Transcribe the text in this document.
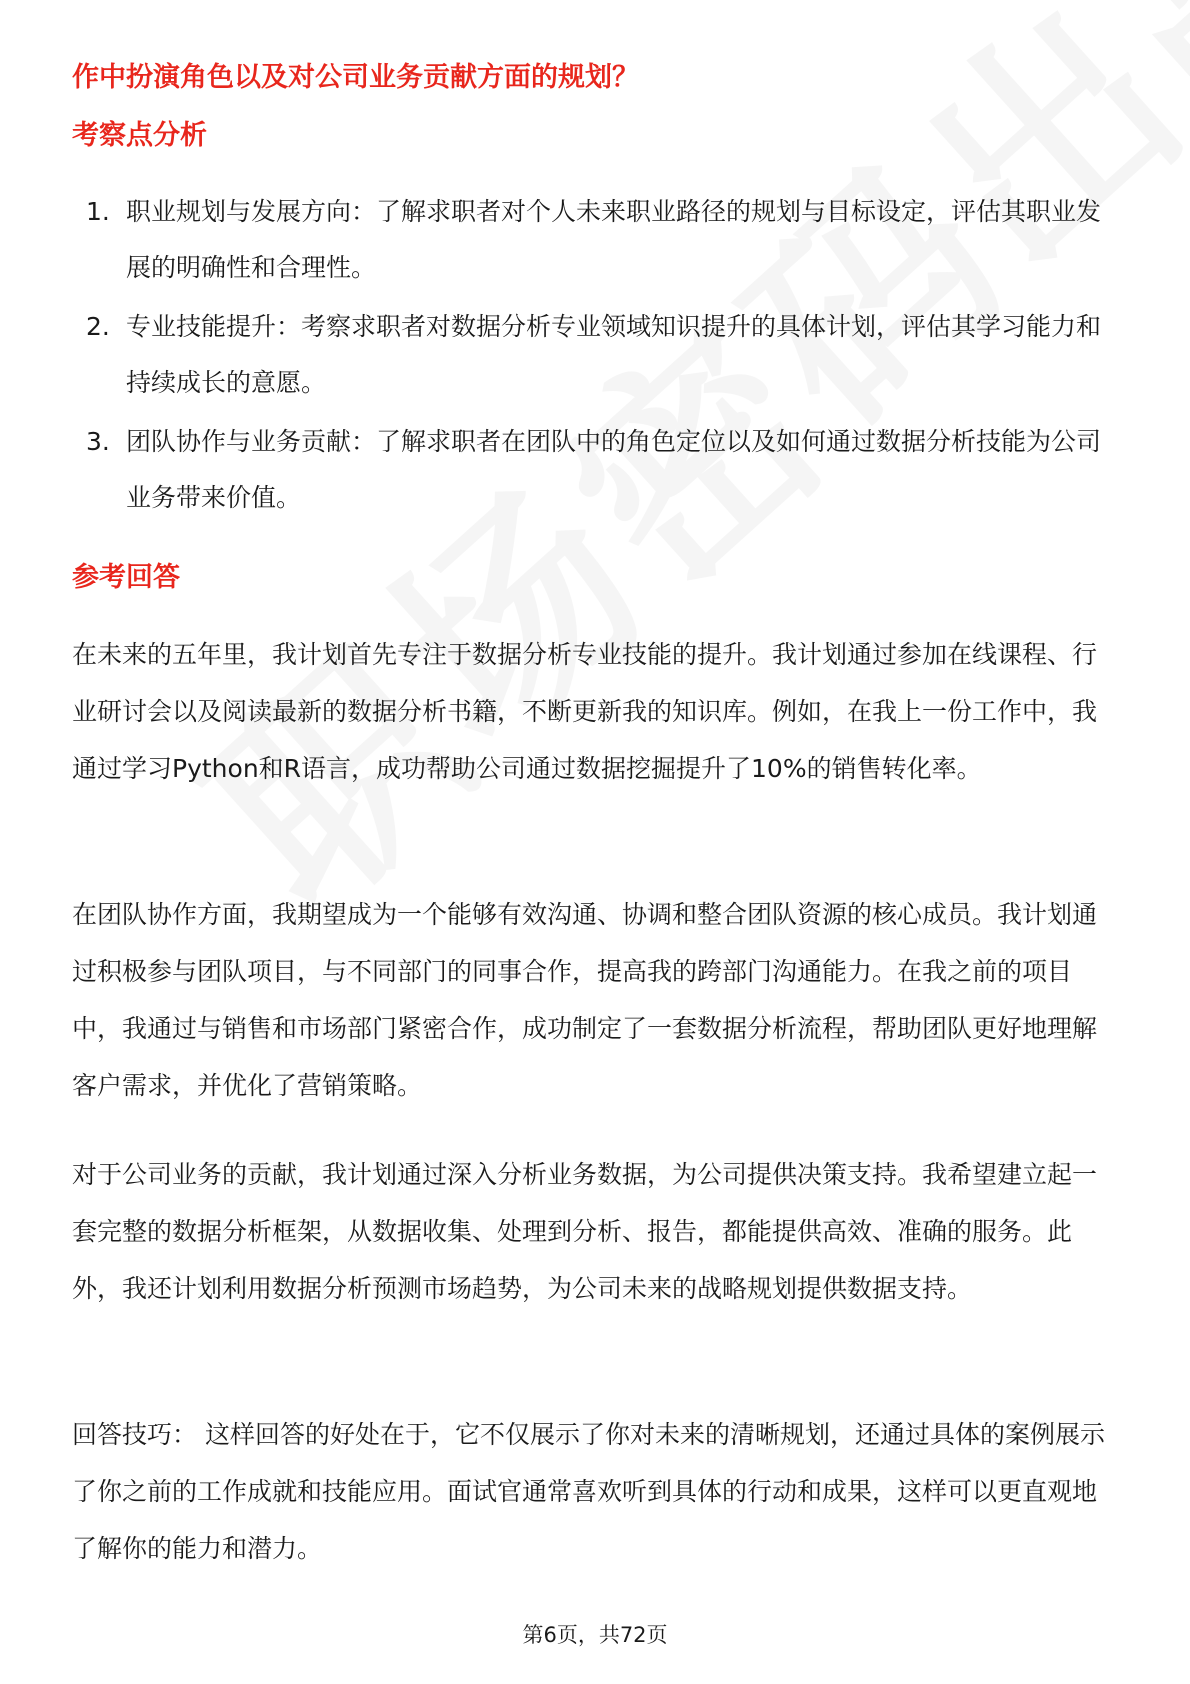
作中扮演角色以及对公司业务贡献方面的规划？
考察点分析
1. 职业规划与发展方向：了解求职者对个人未来职业路径的规划与目标设定，评估其职业发展的明确性和合理性。
2. 专业技能提升：考察求职者对数据分析专业领域知识提升的具体计划，评估其学习能力和持续成长的意愿。
3. 团队协作与业务贡献：了解求职者在团队中的角色定位以及如何通过数据分析技能为公司业务带来价值。
参考回答

在未来的五年里，我计划首先专注于数据分析专业技能的提升。我计划通过参加在线课程、行业研讨会以及阅读最新的数据分析书籍，不断更新我的知识库。例如，在我上一份工作中，我通过学习Python和R语言，成功帮助公司通过数据挖掘提升了10%的销售转化率。

在团队协作方面，我期望成为一个能够有效沟通、协调和整合团队资源的核心成员。我计划通过积极参与团队项目，与不同部门的同事合作，提高我的跨部门沟通能力。在我之前的项目中，我通过与销售和市场部门紧密合作，成功制定了一套数据分析流程，帮助团队更好地理解客户需求，并优化了营销策略。

对于公司业务的贡献，我计划通过深入分析业务数据，为公司提供决策支持。我希望建立起一套完整的数据分析框架，从数据收集、处理到分析、报告，都能提供高效、准确的服务。此外，我还计划利用数据分析预测市场趋势，为公司未来的战略规划提供数据支持。

回答技巧： 这样回答的好处在于，它不仅展示了你对未来的清晰规划，还通过具体的案例展示了你之前的工作成就和技能应用。面试官通常喜欢听到具体的行动和成果，这样可以更直观地了解你的能力和潜力。

第6页，共72页
